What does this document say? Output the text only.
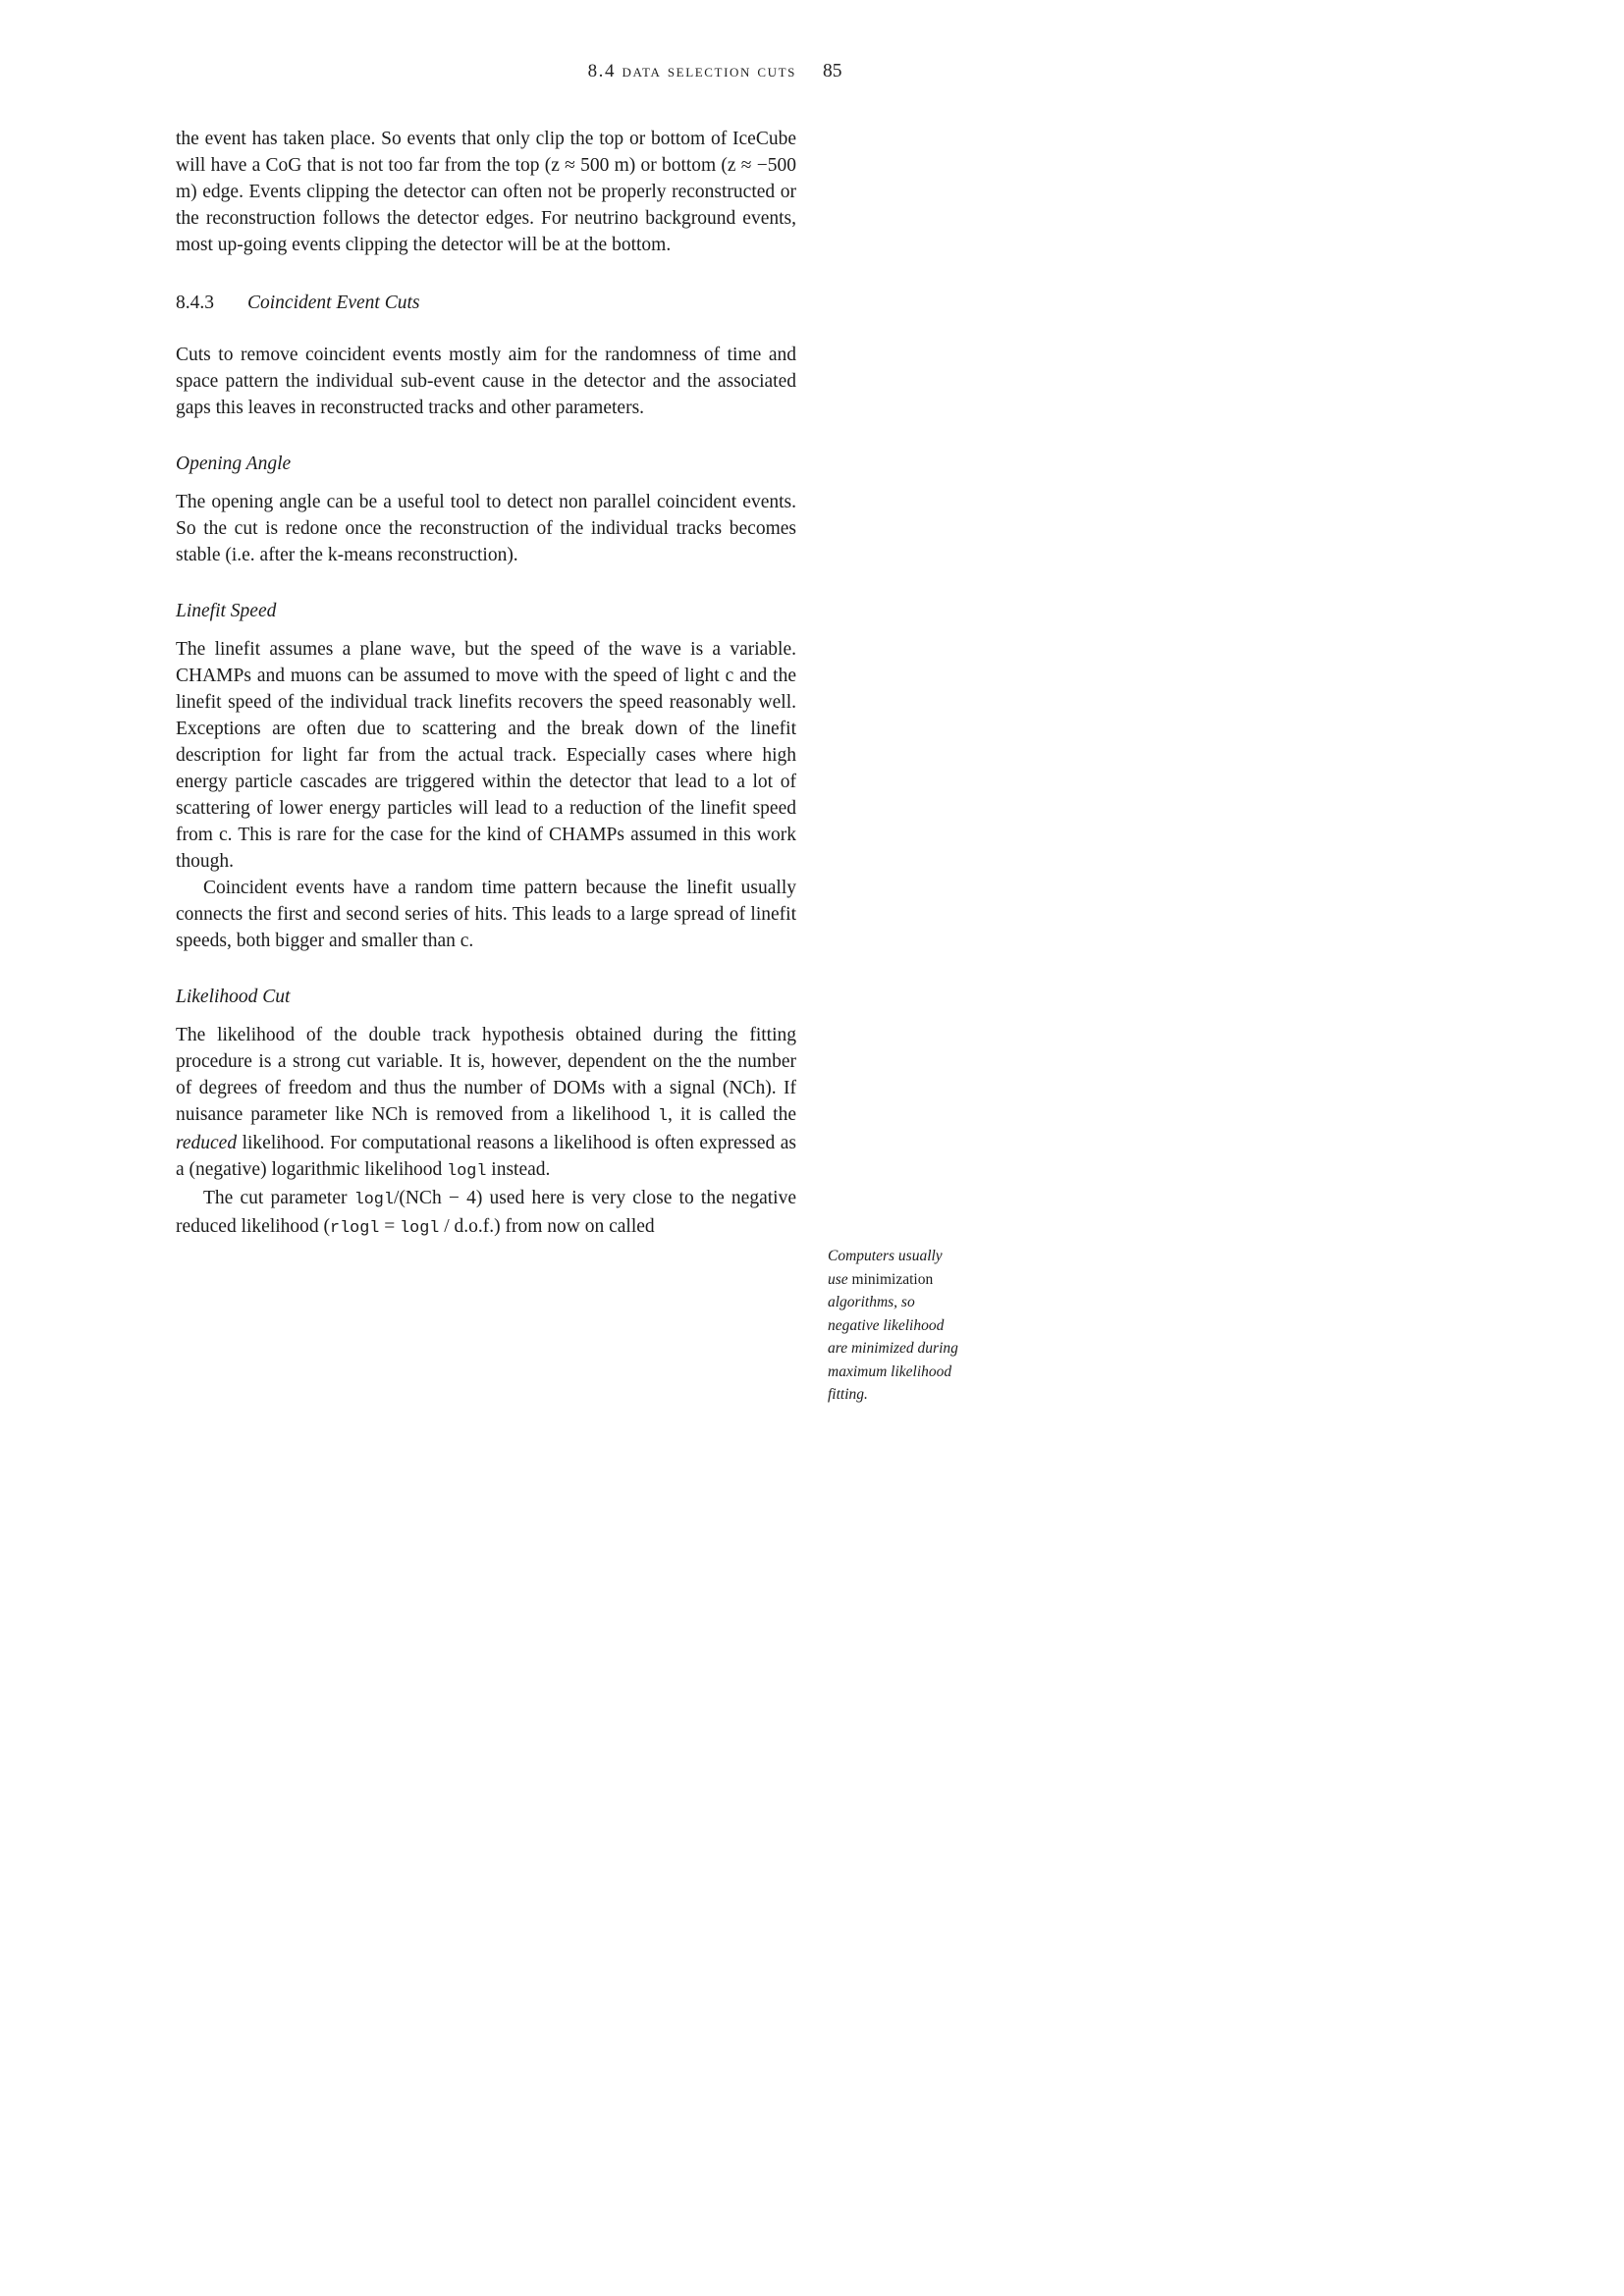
8.4 data selection cuts 85

the event has taken place. So events that only clip the top or bottom of IceCube will have a CoG that is not too far from the top (z ≈ 500 m) or bottom (z ≈ −500 m) edge. Events clipping the detector can often not be properly reconstructed or the reconstruction follows the detector edges. For neutrino background events, most up-going events clipping the detector will be at the bottom.

8.4.3 Coincident Event Cuts

Cuts to remove coincident events mostly aim for the randomness of time and space pattern the individual sub-event cause in the detector and the associated gaps this leaves in reconstructed tracks and other parameters.

Opening Angle

The opening angle can be a useful tool to detect non parallel coincident events. So the cut is redone once the reconstruction of the individual tracks becomes stable (i.e. after the k-means reconstruction).

Linefit Speed

The linefit assumes a plane wave, but the speed of the wave is a variable. CHAMPs and muons can be assumed to move with the speed of light c and the linefit speed of the individual track linefits recovers the speed reasonably well. Exceptions are often due to scattering and the break down of the linefit description for light far from the actual track. Especially cases where high energy particle cascades are triggered within the detector that lead to a lot of scattering of lower energy particles will lead to a reduction of the linefit speed from c. This is rare for the case for the kind of CHAMPs assumed in this work though.

Coincident events have a random time pattern because the linefit usually connects the first and second series of hits. This leads to a large spread of linefit speeds, both bigger and smaller than c.

Likelihood Cut

The likelihood of the double track hypothesis obtained during the fitting procedure is a strong cut variable. It is, however, dependent on the the number of degrees of freedom and thus the number of DOMs with a signal (NCh). If nuisance parameter like NCh is removed from a likelihood l, it is called the reduced likelihood. For computational reasons a likelihood is often expressed as a (negative) logarithmic likelihood logl instead.

The cut parameter logl/(NCh − 4) used here is very close to the negative reduced likelihood (rlogl = logl / d.o.f.) from now on called

Computers usually use minimization algorithms, so negative likelihood are minimized during maximum likelihood fitting.
